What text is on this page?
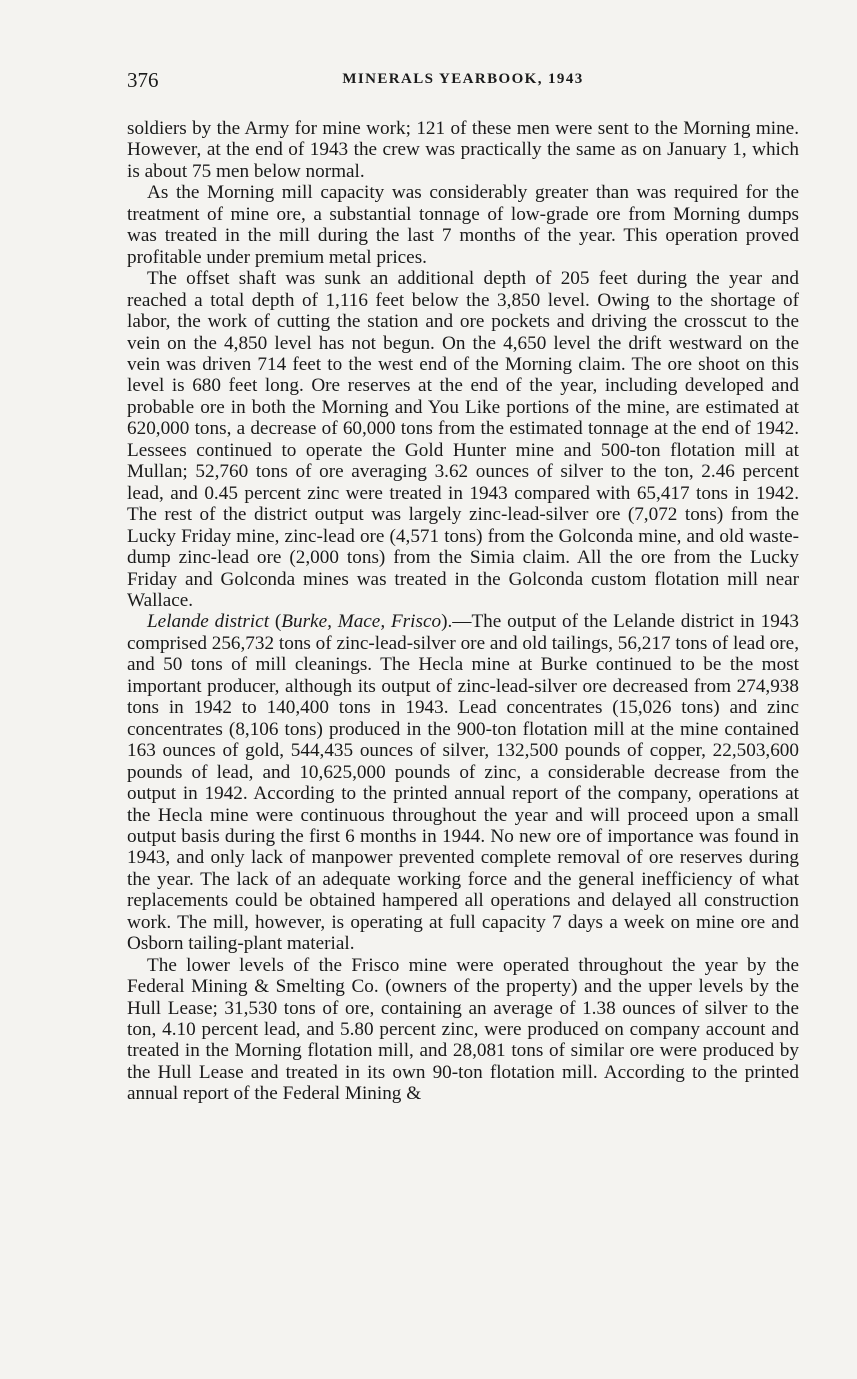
376	MINERALS YEARBOOK, 1943

soldiers by the Army for mine work; 121 of these men were sent to the Morning mine. However, at the end of 1943 the crew was practically the same as on January 1, which is about 75 men below normal.

As the Morning mill capacity was considerably greater than was required for the treatment of mine ore, a substantial tonnage of low-grade ore from Morning dumps was treated in the mill during the last 7 months of the year. This operation proved profitable under premium metal prices.

The offset shaft was sunk an additional depth of 205 feet during the year and reached a total depth of 1,116 feet below the 3,850 level. Owing to the shortage of labor, the work of cutting the station and ore pockets and driving the crosscut to the vein on the 4,850 level has not begun. On the 4,650 level the drift westward on the vein was driven 714 feet to the west end of the Morning claim. The ore shoot on this level is 680 feet long. Ore reserves at the end of the year, including developed and probable ore in both the Morning and You Like portions of the mine, are estimated at 620,000 tons, a decrease of 60,000 tons from the estimated tonnage at the end of 1942. Lessees continued to operate the Gold Hunter mine and 500-ton flotation mill at Mullan; 52,760 tons of ore averaging 3.62 ounces of silver to the ton, 2.46 percent lead, and 0.45 percent zinc were treated in 1943 compared with 65,417 tons in 1942. The rest of the district output was largely zinc-lead-silver ore (7,072 tons) from the Lucky Friday mine, zinc-lead ore (4,571 tons) from the Golconda mine, and old waste-dump zinc-lead ore (2,000 tons) from the Simia claim. All the ore from the Lucky Friday and Golconda mines was treated in the Golconda custom flotation mill near Wallace.

Lelande district (Burke, Mace, Frisco).—The output of the Lelande district in 1943 comprised 256,732 tons of zinc-lead-silver ore and old tailings, 56,217 tons of lead ore, and 50 tons of mill cleanings. The Hecla mine at Burke continued to be the most important producer, although its output of zinc-lead-silver ore decreased from 274,938 tons in 1942 to 140,400 tons in 1943. Lead concentrates (15,026 tons) and zinc concentrates (8,106 tons) produced in the 900-ton flotation mill at the mine contained 163 ounces of gold, 544,435 ounces of silver, 132,500 pounds of copper, 22,503,600 pounds of lead, and 10,625,000 pounds of zinc, a considerable decrease from the output in 1942. According to the printed annual report of the company, operations at the Hecla mine were continuous throughout the year and will proceed upon a small output basis during the first 6 months in 1944. No new ore of importance was found in 1943, and only lack of manpower prevented complete removal of ore reserves during the year. The lack of an adequate working force and the general inefficiency of what replacements could be obtained hampered all operations and delayed all construction work. The mill, however, is operating at full capacity 7 days a week on mine ore and Osborn tailing-plant material.

The lower levels of the Frisco mine were operated throughout the year by the Federal Mining & Smelting Co. (owners of the property) and the upper levels by the Hull Lease; 31,530 tons of ore, containing an average of 1.38 ounces of silver to the ton, 4.10 percent lead, and 5.80 percent zinc, were produced on company account and treated in the Morning flotation mill, and 28,081 tons of similar ore were produced by the Hull Lease and treated in its own 90-ton flotation mill. According to the printed annual report of the Federal Mining &
